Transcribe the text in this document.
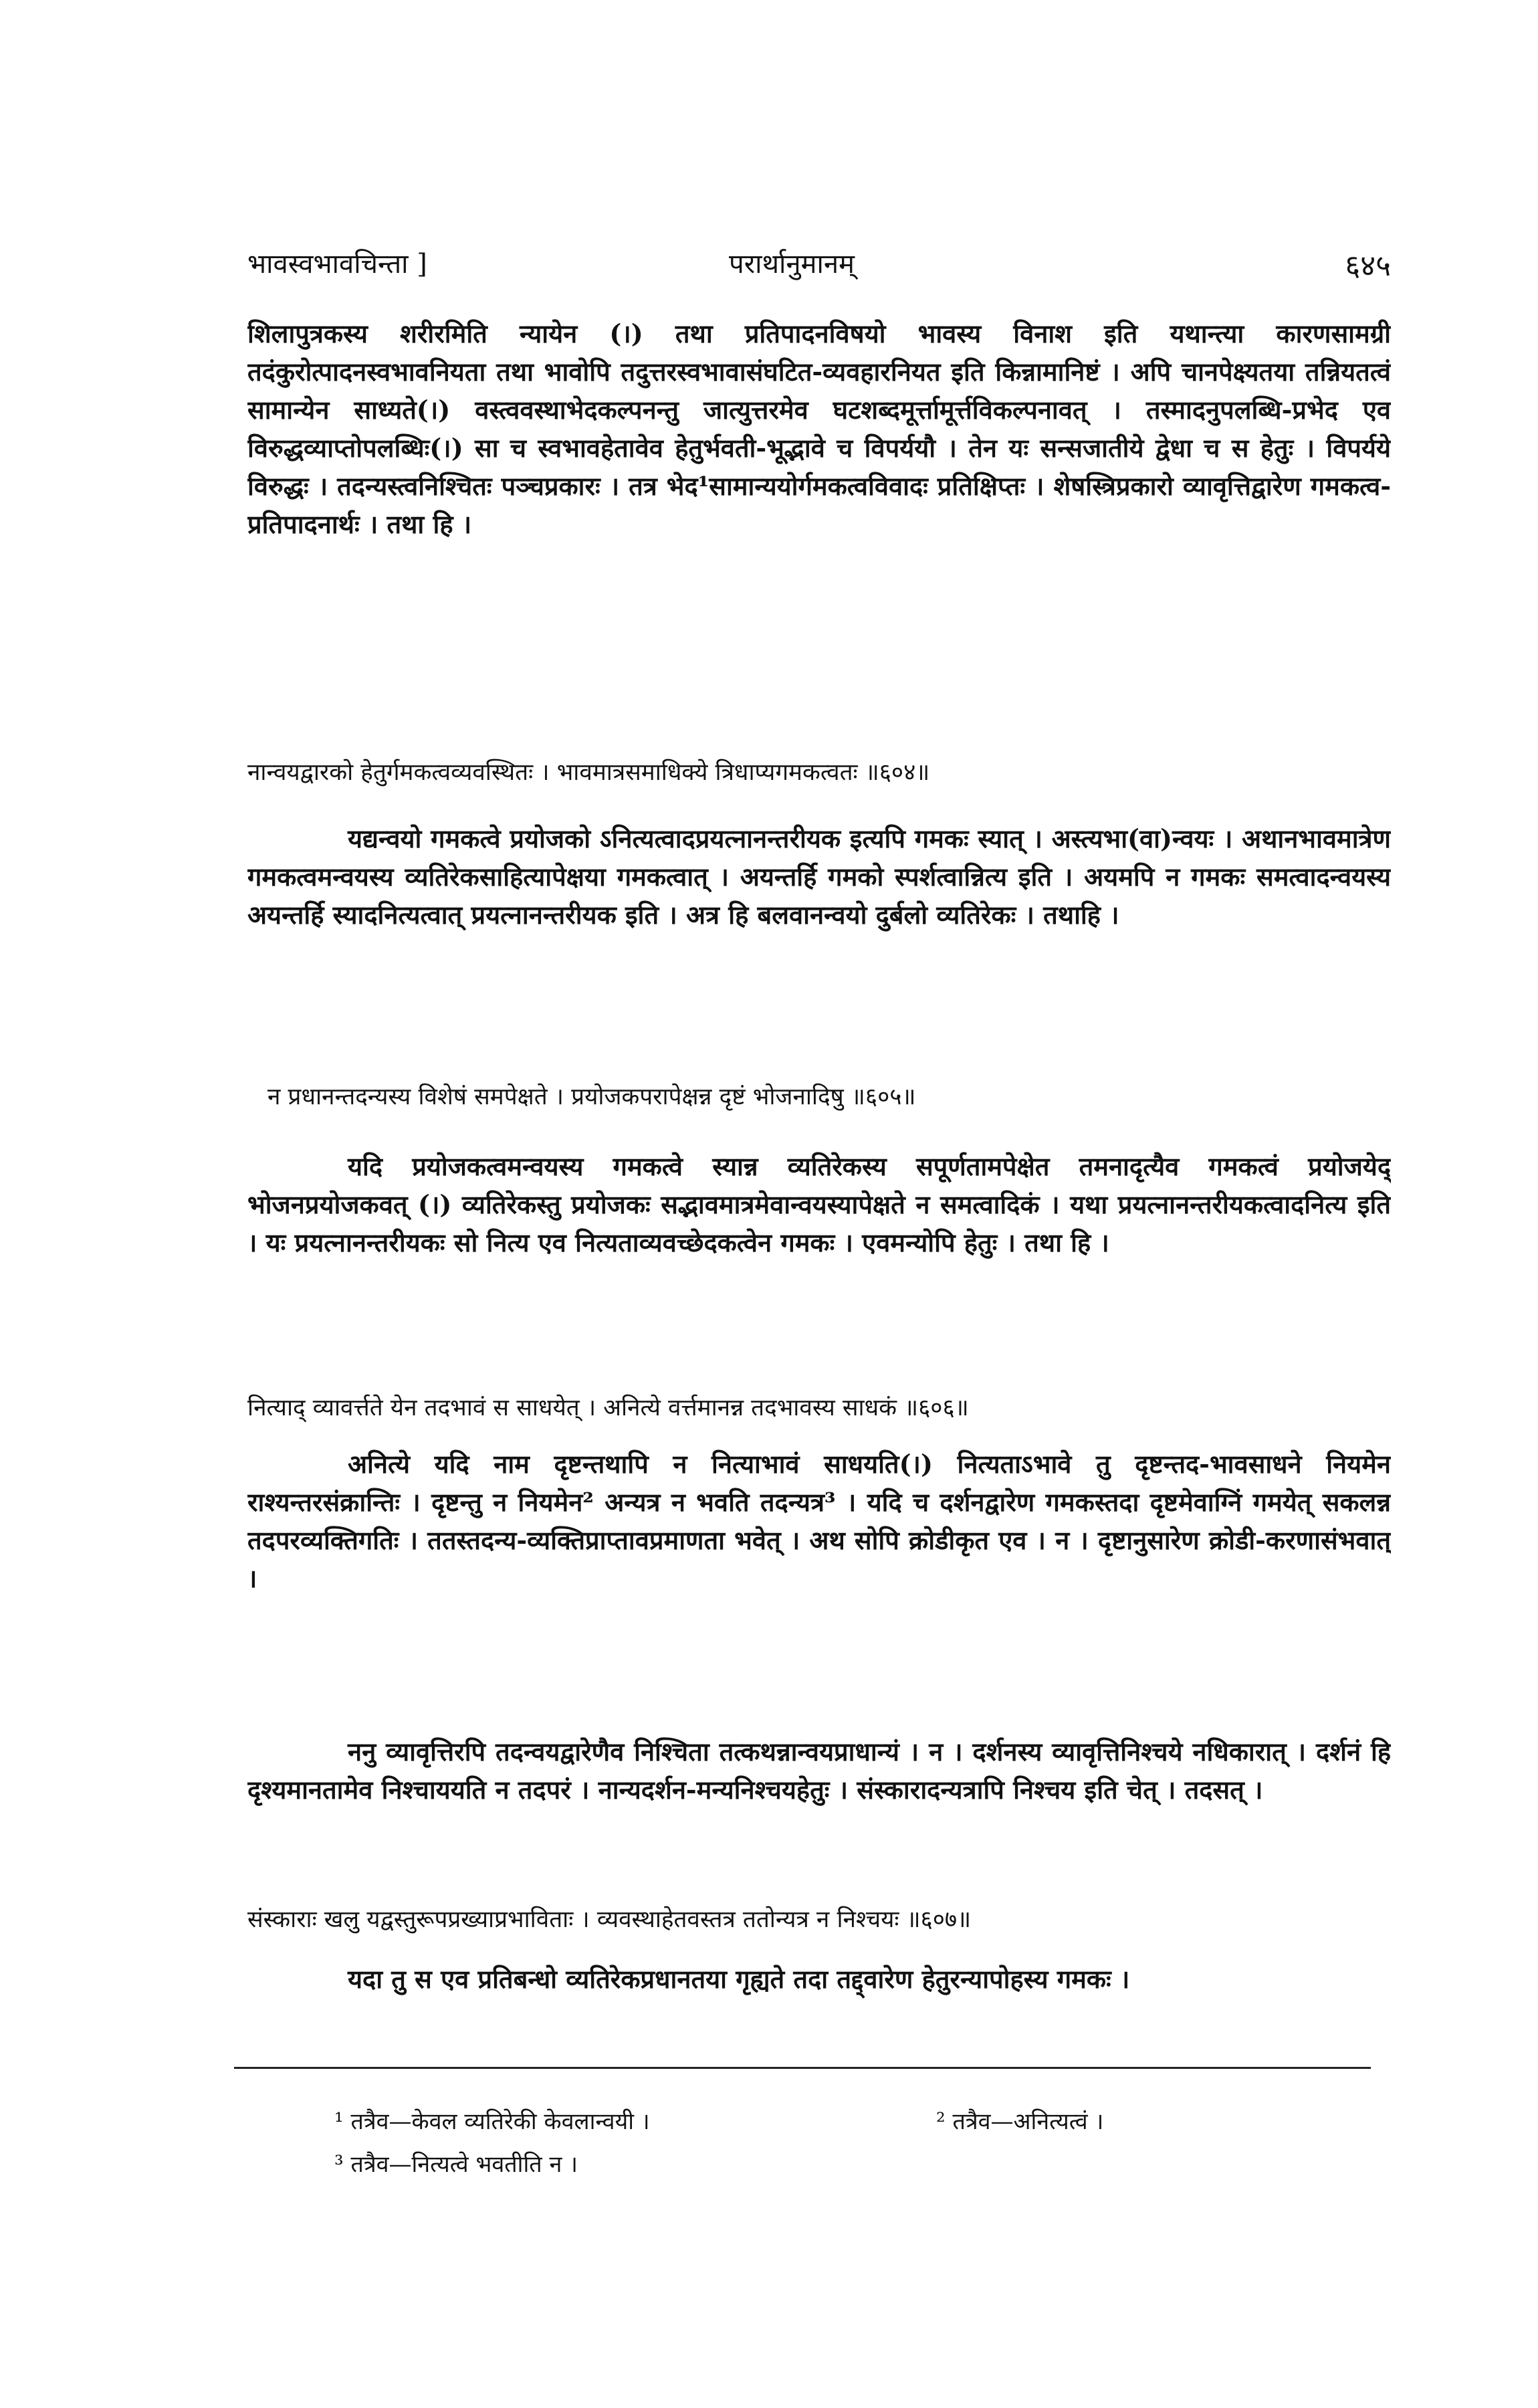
भावस्वभावचिन्ता ]	परार्थानुमानम्	६४५
शिलापुत्रकस्य शरीरमिति न्यायेन (।) तथा प्रतिपादनविषयो भावस्य विनाश इति यथान्त्या कारणसामग्री तदंकुरोत्पादनस्वभावनियता तथा भावोपि तदुत्तरस्वभावासंघटित-व्यवहारनियत इति किन्नामानिष्टं । अपि चानपेक्ष्यतया तन्नियतत्वं सामान्येन साध्यते(।) वस्त्ववस्थाभेदकल्पनन्तु जात्युत्तरमेव घटशब्दमूर्त्तामूर्त्तविकल्पनावत् । तस्मादनुपलब्धि-प्रभेद एव विरुद्धव्याप्तोपलब्धिः(।) सा च स्वभावहेतावेव हेतुर्भवती-भूद्भावे च विपर्ययौ । तेन यः सन्सजातीये द्वेधा च स हेतुः । विपर्यये विरुद्धः । तदन्यस्त्वनिश्चितः पञ्चप्रकारः । तत्र भेद¹सामान्ययोर्गमकत्वविवादः प्रतिक्षिप्तः । शेषस्त्रिप्रकारो व्यावृत्तिद्वारेण गमकत्व-प्रतिपादनार्थः । तथा हि ।
नान्वयद्वारको हेतुर्गमकत्वव्यवस्थितः । भावमात्रसमाधिक्ये त्रिधाप्यगमकत्वतः ॥६०४॥
यद्यन्वयो गमकत्वे प्रयोजको ऽनित्यत्वादप्रयत्नानन्तरीयक इत्यपि गमकः स्यात् । अस्त्यभा(वा)न्वयः । अथानभावमात्रेण गमकत्वमन्वयस्य व्यतिरेकसाहित्यापेक्षया गमकत्वात् । अयन्तर्हि गमको स्पर्शत्वान्नित्य इति । अयमपि न गमकः समत्वादन्वयस्य अयन्तर्हि स्यादनित्यत्वात् प्रयत्नानन्तरीयक इति । अत्र हि बलवानन्वयो दुर्बलो व्यतिरेकः । तथाहि ।
न प्रधानन्तदन्यस्य विशेषं समपेक्षते । प्रयोजकपरापेक्षन्न दृष्टं भोजनादिषु ॥६०५॥
यदि प्रयोजकत्वमन्वयस्य गमकत्वे स्यान्न व्यतिरेकस्य सपूर्णतामपेक्षेत तमनादृत्यैव गमकत्वं प्रयोजयेद् भोजनप्रयोजकवत् (।) व्यतिरेकस्तु प्रयोजकः सद्भावमात्रमेवान्वयस्यापेक्षते न समत्वादिकं । यथा प्रयत्नानन्तरीयकत्वादनित्य इति । यः प्रयत्नानन्तरीयकः सो नित्य एव नित्यताव्यवच्छेदकत्वेन गमकः । एवमन्योपि हेतुः । तथा हि ।
नित्याद् व्यावर्त्तते येन तदभावं स साधयेत् । अनित्ये वर्त्तमानन्न तदभावस्य साधकं ॥६०६॥
अनित्ये यदि नाम दृष्टन्तथापि न नित्याभावं साधयति(।) नित्यताऽभावे तु दृष्टन्तद-भावसाधने नियमेन राश्यन्तरसंक्रान्तिः । दृष्टन्तु न नियमेन² अन्यत्र न भवति तदन्यत्र³ । यदि च दर्शनद्वारेण गमकस्तदा दृष्टमेवाग्निं गमयेत् सकलन्न तदपरव्यक्तिगतिः । ततस्तदन्य-व्यक्तिप्राप्तावप्रमाणता भवेत् । अथ सोपि क्रोडीकृत एव । न । दृष्टानुसारेण क्रोडी-करणासंभवात् ।
ननु व्यावृत्तिरपि तदन्वयद्वारेणैव निश्चिता तत्कथन्नान्वयप्राधान्यं । न । दर्शनस्य व्यावृत्तिनिश्चये नधिकारात् । दर्शनं हि दृश्यमानतामेव निश्चाययति न तदपरं । नान्यदर्शन-मन्यनिश्चयहेतुः । संस्कारादन्यत्रापि निश्चय इति चेत् । तदसत् ।
संस्काराः खलु यद्वस्तुरूपप्रख्याप्रभाविताः । व्यवस्थाहेतवस्तत्र ततोन्यत्र न निश्चयः ॥६०७॥
यदा तु स एव प्रतिबन्धो व्यतिरेकप्रधानतया गृह्यते तदा तद्द्वारेण हेतुरन्यापोहस्य गमकः ।
¹ तत्रैव—केवल व्यतिरेकी केवलान्वयी ।	² तत्रैव—अनित्यत्वं ।
³ तत्रैव—नित्यत्वे भवतीति न ।
